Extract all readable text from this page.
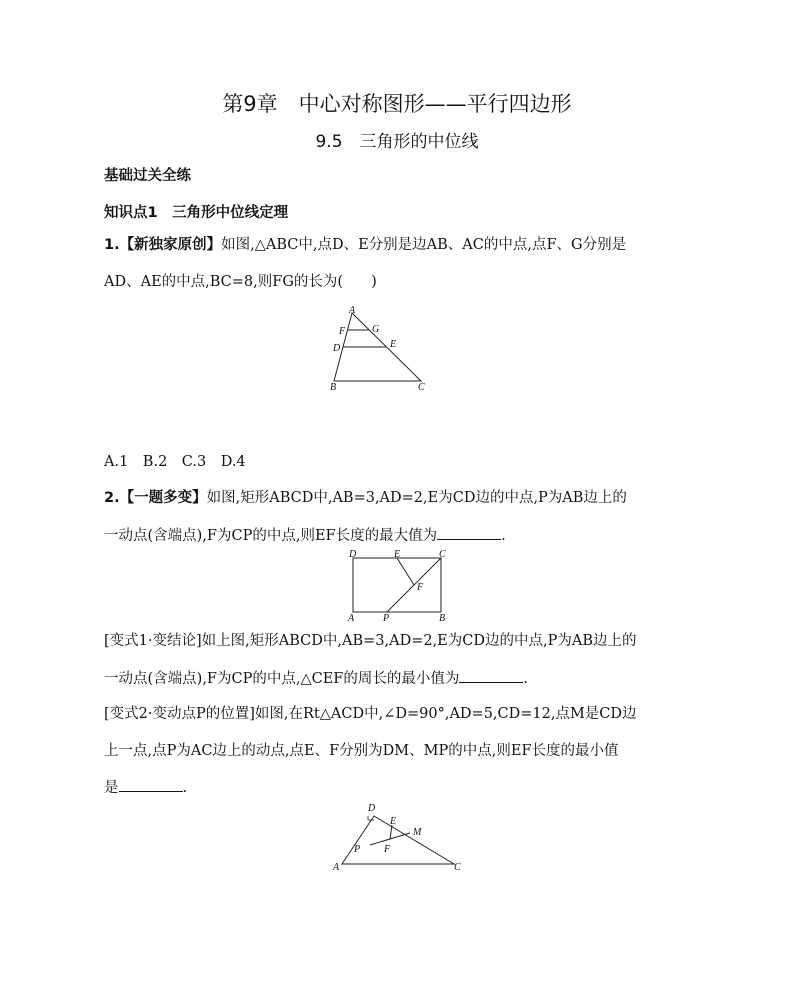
第9章　中心对称图形——平行四边形
9.5　三角形的中位线
基础过关全练
知识点1　三角形中位线定理
1.【新独家原创】如图,△ABC中,点D、E分别是边AB、AC的中点,点F、G分别是
AD、AE的中点,BC=8,则FG的长为( )
A
F	G
D	E
B	C
A.1　B.2　C.3　D.4
2.【一题多变】如图,矩形ABCD中,AB=3,AD=2,E为CD边的中点,P为AB边上的
一动点(含端点),F为CP的中点,则EF长度的最大值为	.
D	E	C
F
A	P	B
[变式1·变结论]如上图,矩形ABCD中,AB=3,AD=2,E为CD边的中点,P为AB边上的
一动点(含端点),F为CP的中点,△CEF的周长的最小值为	.
[变式2·变动点P的位置]如图,在Rt△ACD中,∠D=90°,AD=5,CD=12,点M是CD边
上一点,点P为AC边上的动点,点E、F分别为DM、MP的中点,则EF长度的最小值
是	.
D
E
M
P F
A	C
